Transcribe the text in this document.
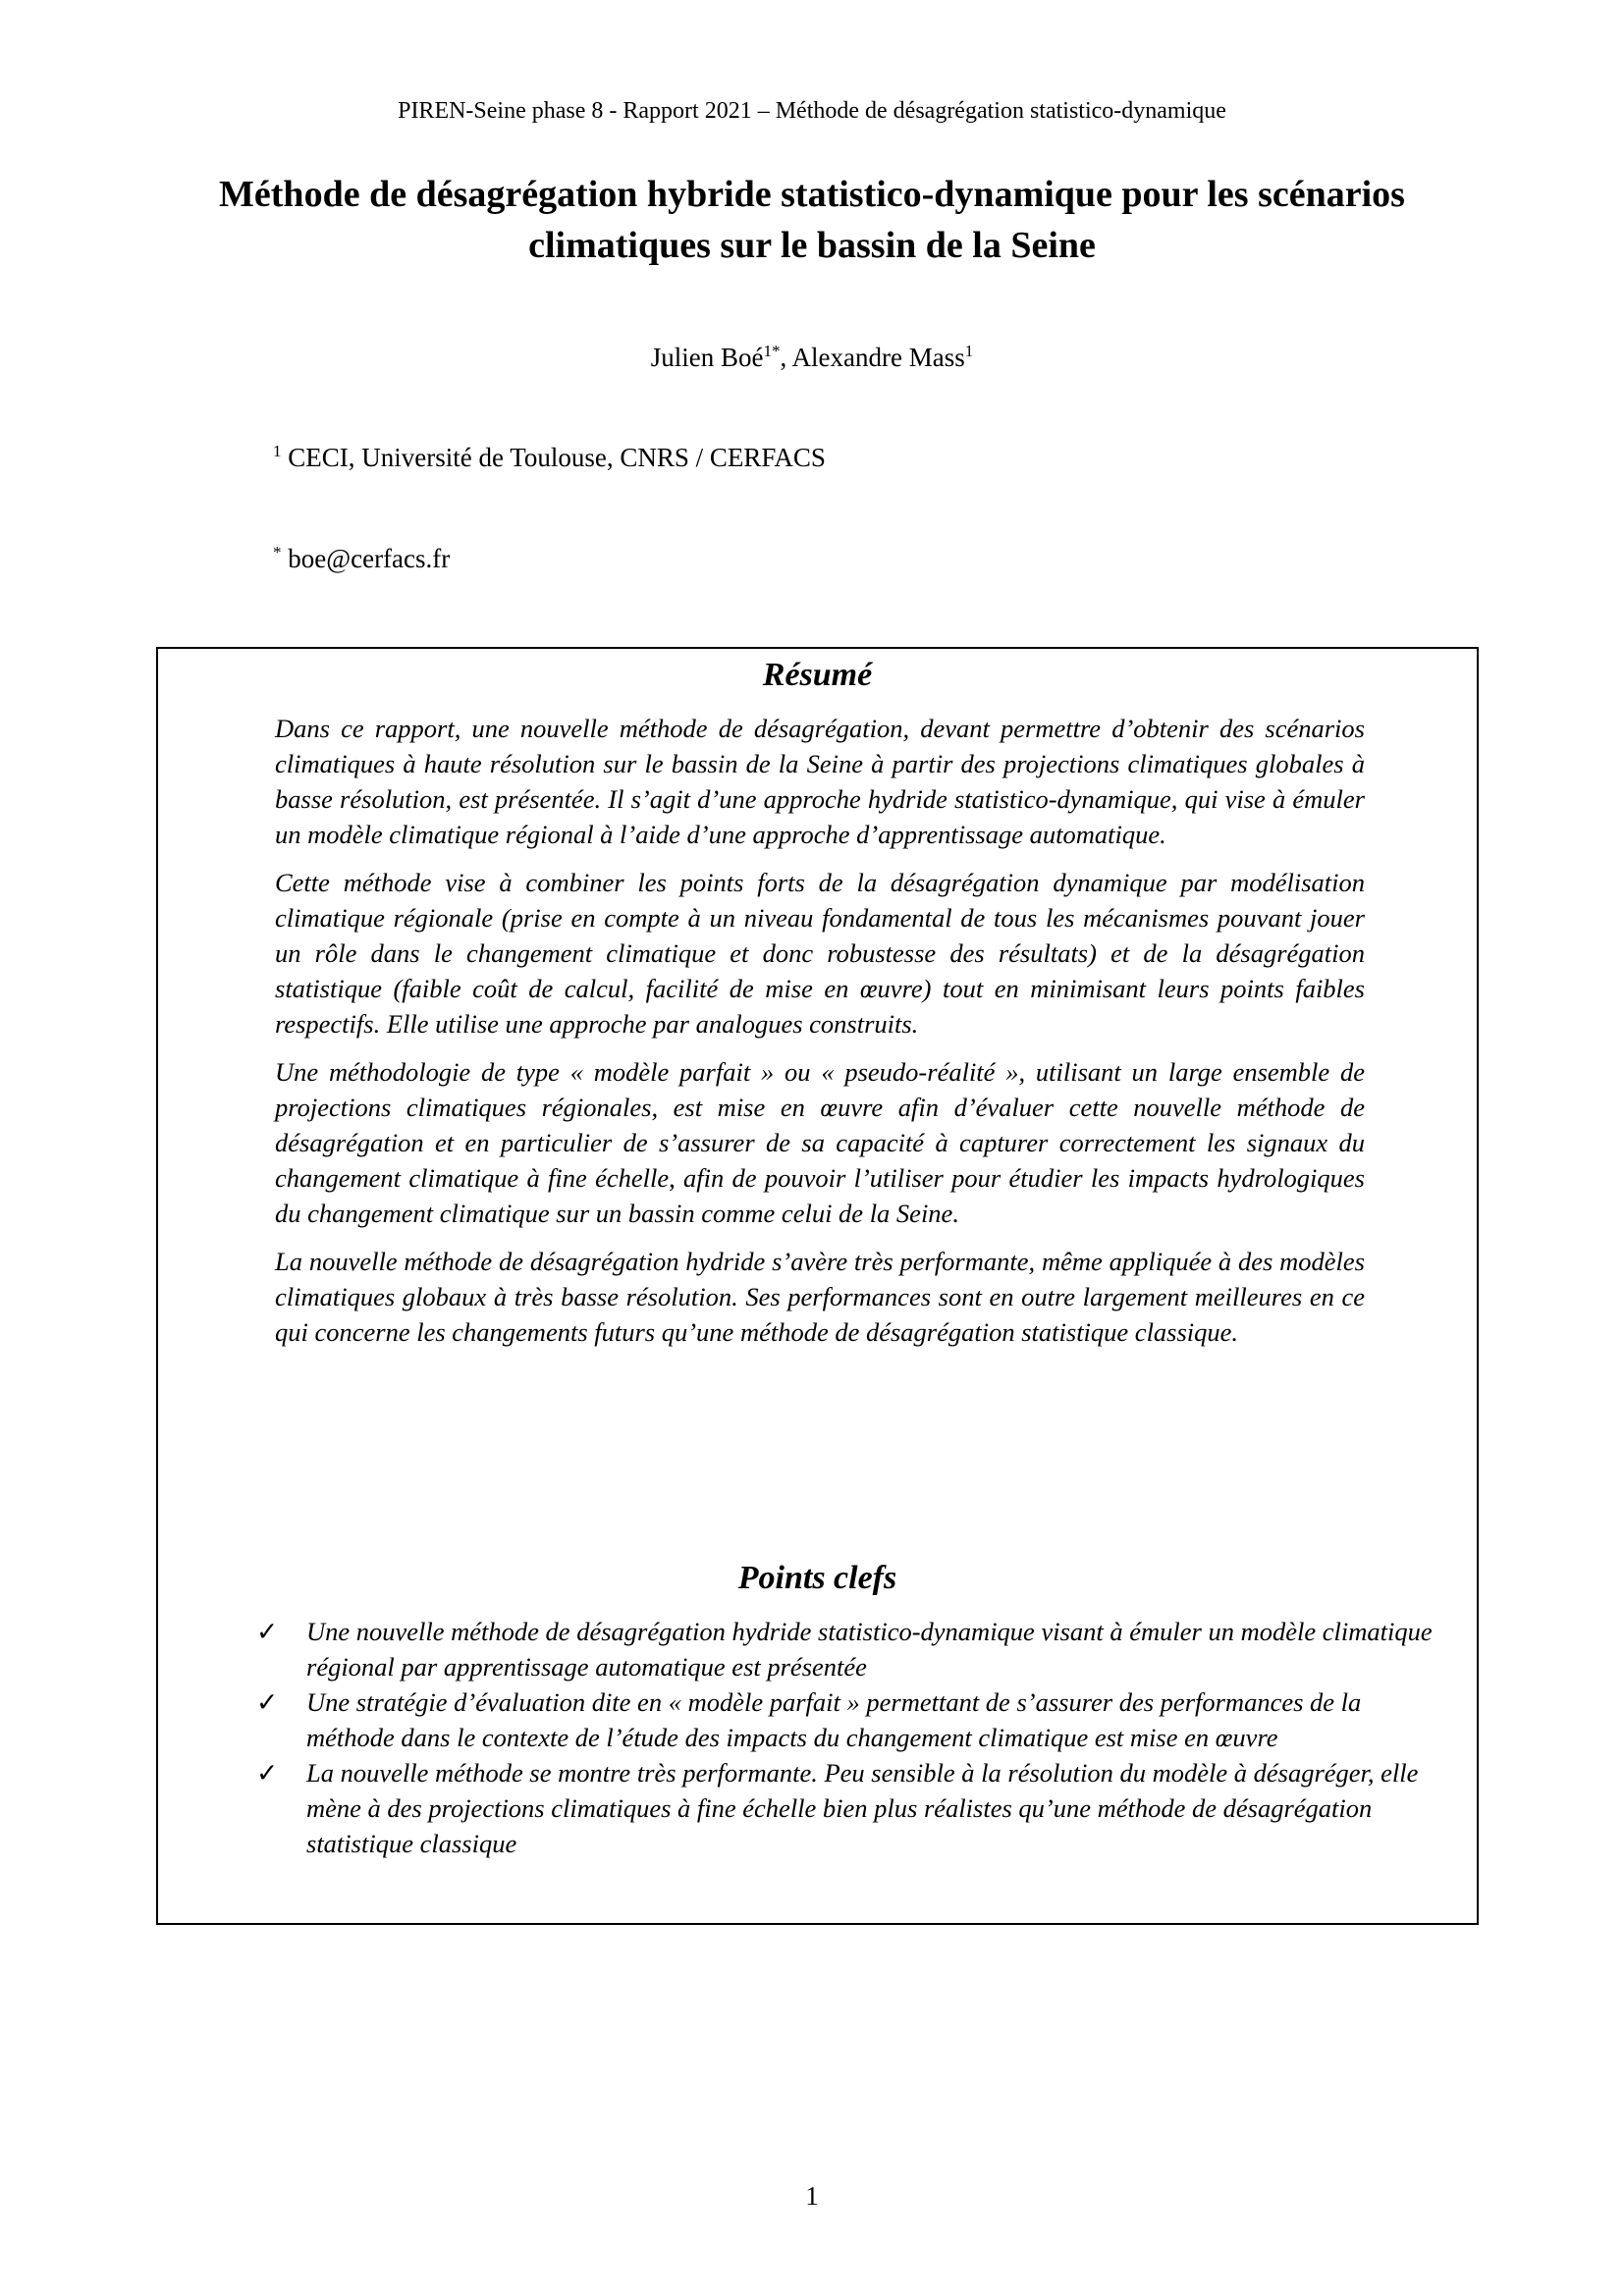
PIREN-Seine phase 8 - Rapport 2021 – Méthode de désagrégation statistico-dynamique
Méthode de désagrégation hybride statistico-dynamique pour les scénarios climatiques sur le bassin de la Seine
Julien Boé$^{1*}$, Alexandre Mass$^1$
$^1$ CECI, Université de Toulouse, CNRS / CERFACS
* boe@cerfacs.fr
Résumé

Dans ce rapport, une nouvelle méthode de désagrégation, devant permettre d’obtenir des scénarios climatiques à haute résolution sur le bassin de la Seine à partir des projections climatiques globales à basse résolution, est présentée. Il s’agit d’une approche hydride statistico-dynamique, qui vise à émuler un modèle climatique régional à l’aide d’une approche d’apprentissage automatique.

Cette méthode vise à combiner les points forts de la désagrégation dynamique par modélisation climatique régionale (prise en compte à un niveau fondamental de tous les mécanismes pouvant jouer un rôle dans le changement climatique et donc robustesse des résultats) et de la désagrégation statistique (faible coût de calcul, facilité de mise en œuvre) tout en minimisant leurs points faibles respectifs. Elle utilise une approche par analogues construits.

Une méthodologie de type « modèle parfait » ou « pseudo-réalité », utilisant un large ensemble de projections climatiques régionales, est mise en œuvre afin d’évaluer cette nouvelle méthode de désagrégation et en particulier de s’assurer de sa capacité à capturer correctement les signaux du changement climatique à fine échelle, afin de pouvoir l’utiliser pour étudier les impacts hydrologiques du changement climatique sur un bassin comme celui de la Seine.

La nouvelle méthode de désagrégation hydride s’avère très performante, même appliquée à des modèles climatiques globaux à très basse résolution. Ses performances sont en outre largement meilleures en ce qui concerne les changements futurs qu’une méthode de désagrégation statistique classique.

Points clefs
✓ Une nouvelle méthode de désagrégation hydride statistico-dynamique visant à émuler un modèle climatique régional par apprentissage automatique est présentée
✓ Une stratégie d’évaluation dite en « modèle parfait » permettant de s’assurer des performances de la méthode dans le contexte de l’étude des impacts du changement climatique est mise en œuvre
✓ La nouvelle méthode se montre très performante. Peu sensible à la résolution du modèle à désagréger, elle mène à des projections climatiques à fine échelle bien plus réalistes qu’une méthode de désagrégation statistique classique
1
